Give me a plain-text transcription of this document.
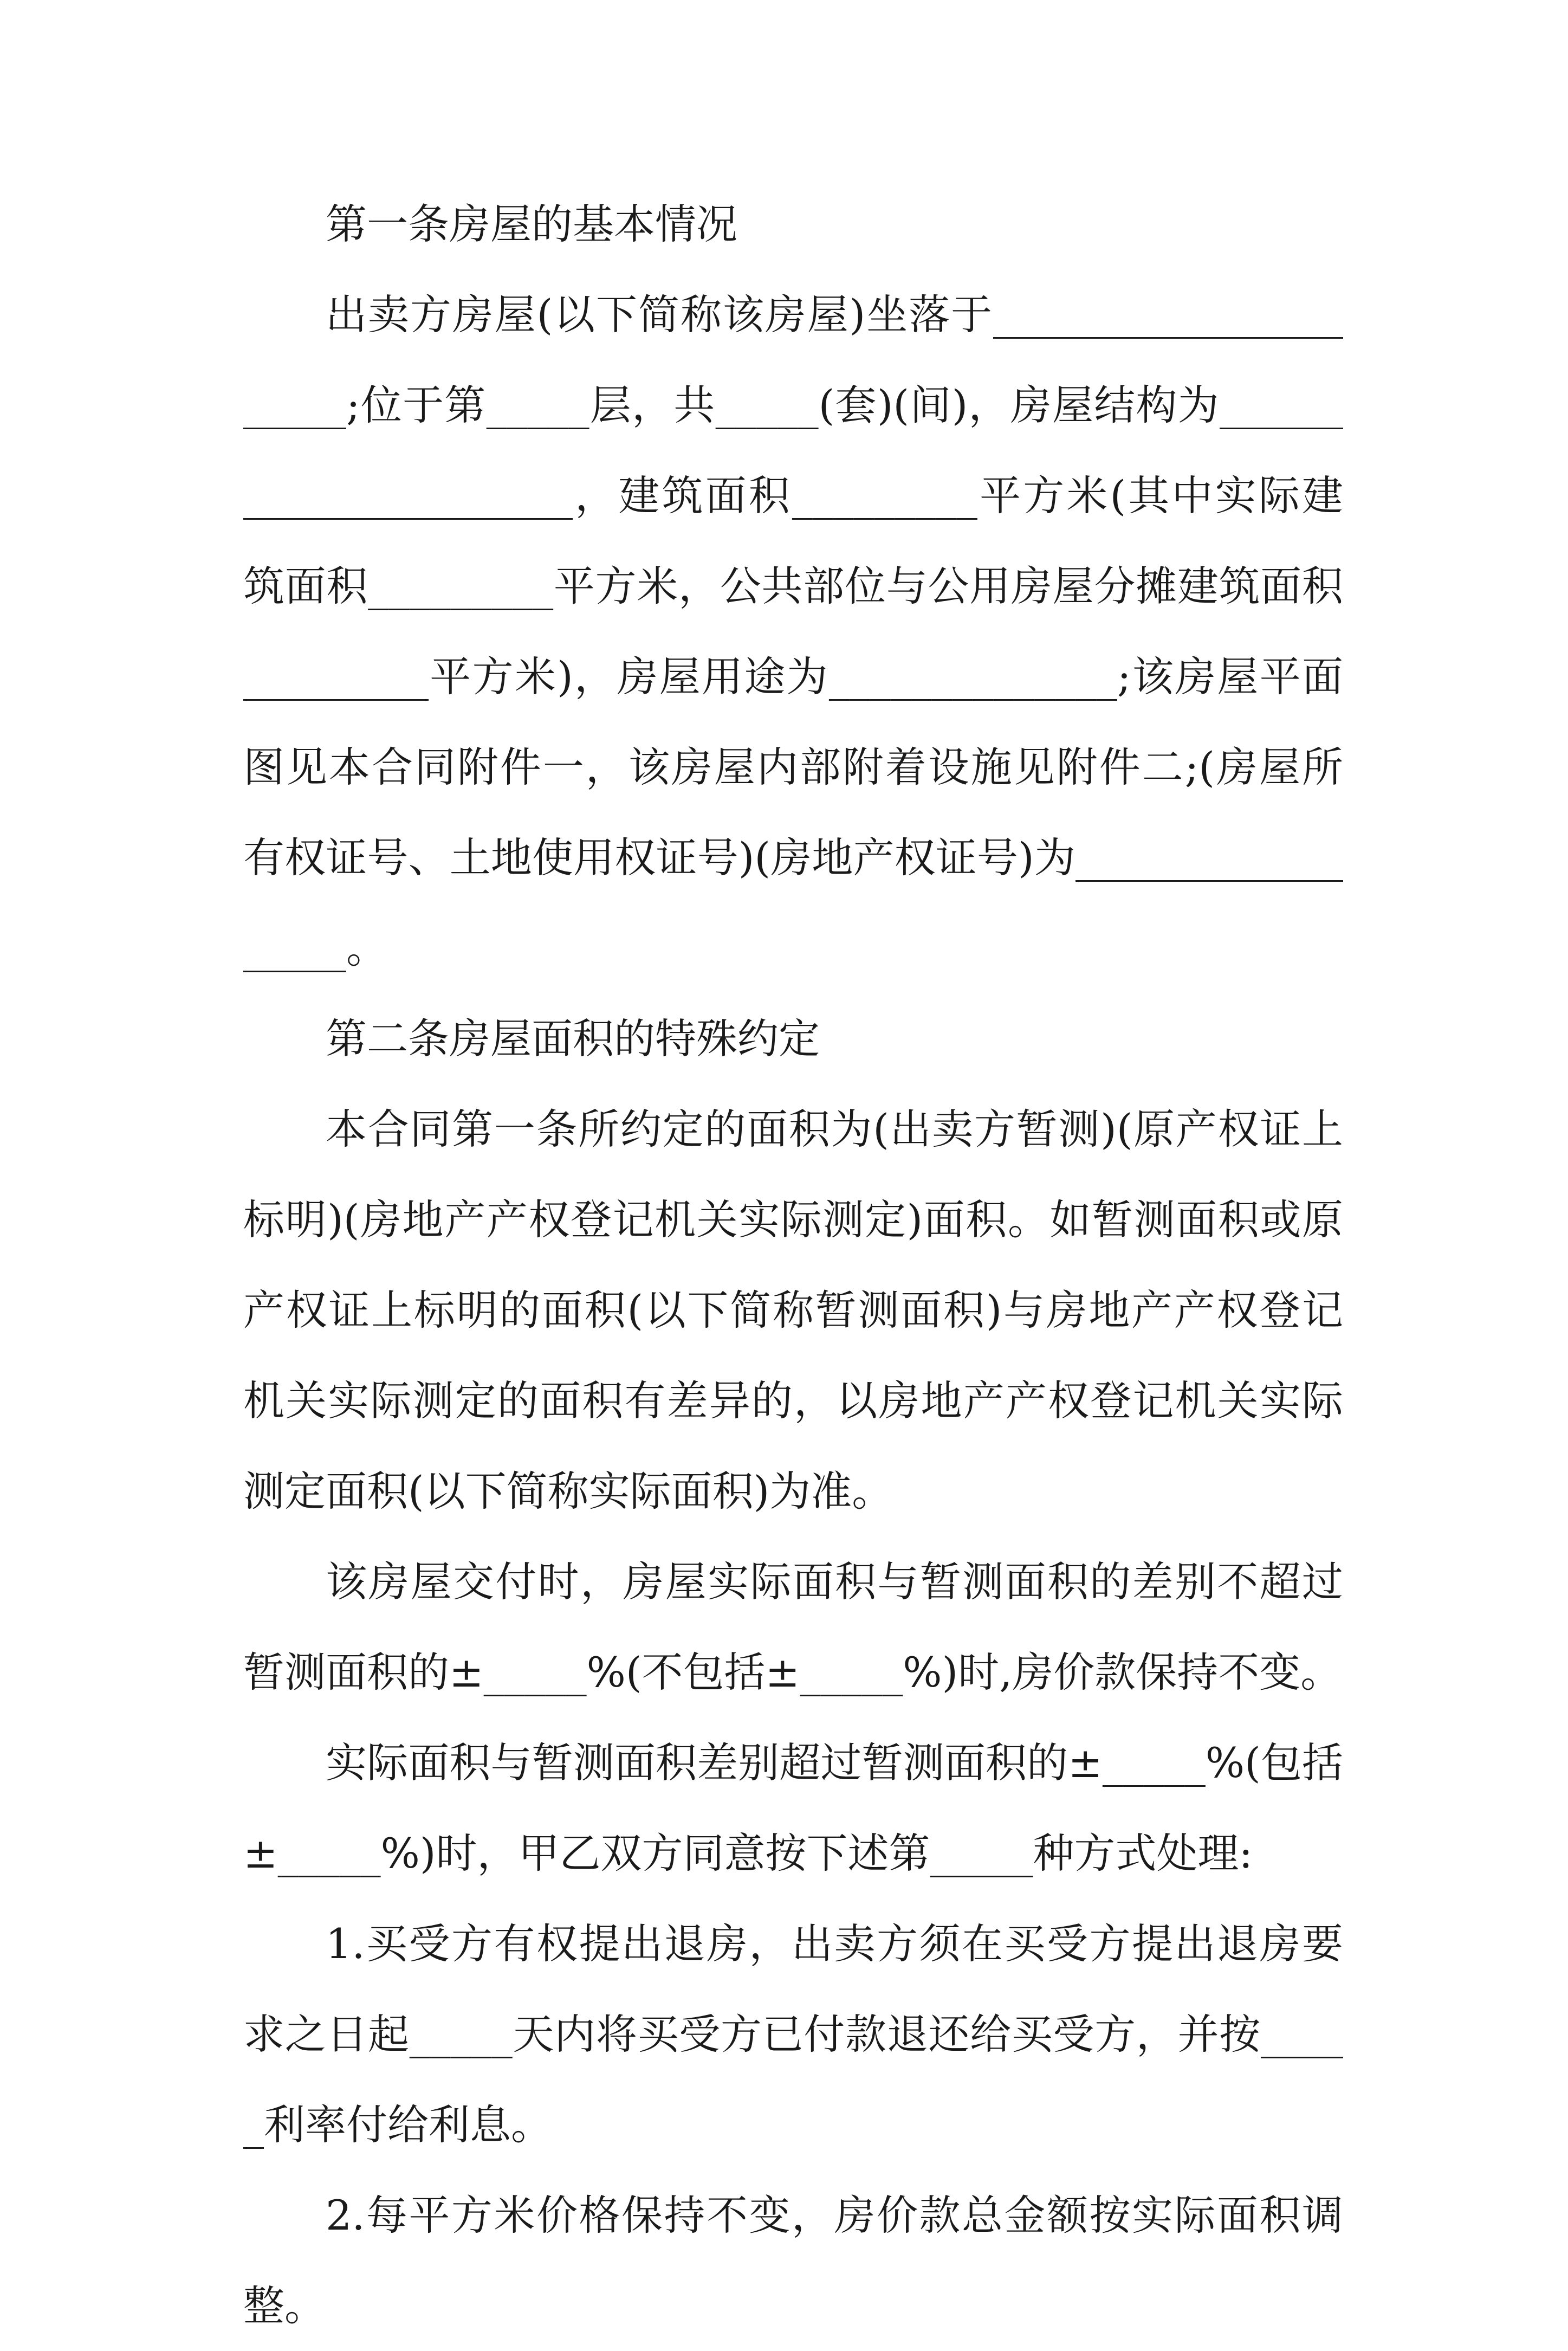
第一条房屋的基本情况

出卖方房屋(以下简称该房屋)坐落于______________________;位于第_____层，共_____(套)(间)，房屋结构为______________________，建筑面积_________平方米(其中实际建筑面积_________平方米，公共部位与公用房屋分摊建筑面积_________平方米)，房屋用途为______________;该房屋平面图见本合同附件一，该房屋内部附着设施见附件二;(房屋所有权证号、土地使用权证号)(房地产权证号)为__________________。

第二条房屋面积的特殊约定

本合同第一条所约定的面积为(出卖方暂测)(原产权证上标明)(房地产产权登记机关实际测定)面积。如暂测面积或原产权证上标明的面积(以下简称暂测面积)与房地产产权登记机关实际测定的面积有差异的，以房地产产权登记机关实际测定面积(以下简称实际面积)为准。

该房屋交付时，房屋实际面积与暂测面积的差别不超过暂测面积的±_____%(不包括±_____%)时,房价款保持不变。

实际面积与暂测面积差别超过暂测面积的±_____%(包括±_____%)时，甲乙双方同意按下述第_____种方式处理:

1.买受方有权提出退房，出卖方须在买受方提出退房要求之日起_____天内将买受方已付款退还给买受方，并按_____利率付给利息。

2.每平方米价格保持不变，房价款总金额按实际面积调整。
